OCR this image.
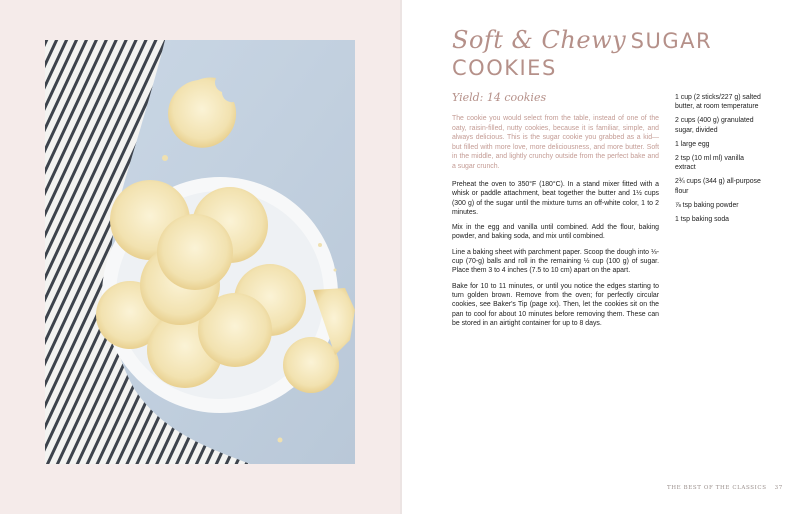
Soft & Chewy SUGAR
COOKIES
Yield: 14 cookies

The cookie you would select from the table, instead of one of the oaty, raisin-filled, nutty cookies, because it is familiar, simple, and always delicious. This is the sugar cookie you grabbed as a kid—but filled with more love, more deliciousness, and more butter. Soft in the middle, and lightly crunchy outside from the perfect bake and a sugar crunch.

Preheat the oven to 350°F (180°C). In a stand mixer fitted with a whisk or paddle attachment, beat together the butter and 1½ cups (300 g) of the sugar until the mixture turns an off-white color, 1 to 2 minutes.

Mix in the egg and vanilla until combined. Add the flour, baking powder, and baking soda, and mix until combined.

Line a baking sheet with parchment paper. Scoop the dough into ⅓-cup (70-g) balls and roll in the remaining ½ cup (100 g) of sugar. Place them 3 to 4 inches (7.5 to 10 cm) apart on the apart.

Bake for 10 to 11 minutes, or until you notice the edges starting to turn golden brown. Remove from the oven; for perfectly circular cookies, see Baker's Tip (page xx). Then, let the cookies sit on the pan to cool for about 10 minutes before removing them. These can be stored in an airtight container for up to 8 days.

1 cup (2 sticks/227 g) salted butter, at room temperature
2 cups (400 g) granulated sugar, divided
1 large egg
2 tsp (10 ml ml) vanilla extract
2¾ cups (344 g) all-purpose flour
⅞ tsp baking powder
1 tsp baking soda
THE BEST OF THE CLASSICS 37
